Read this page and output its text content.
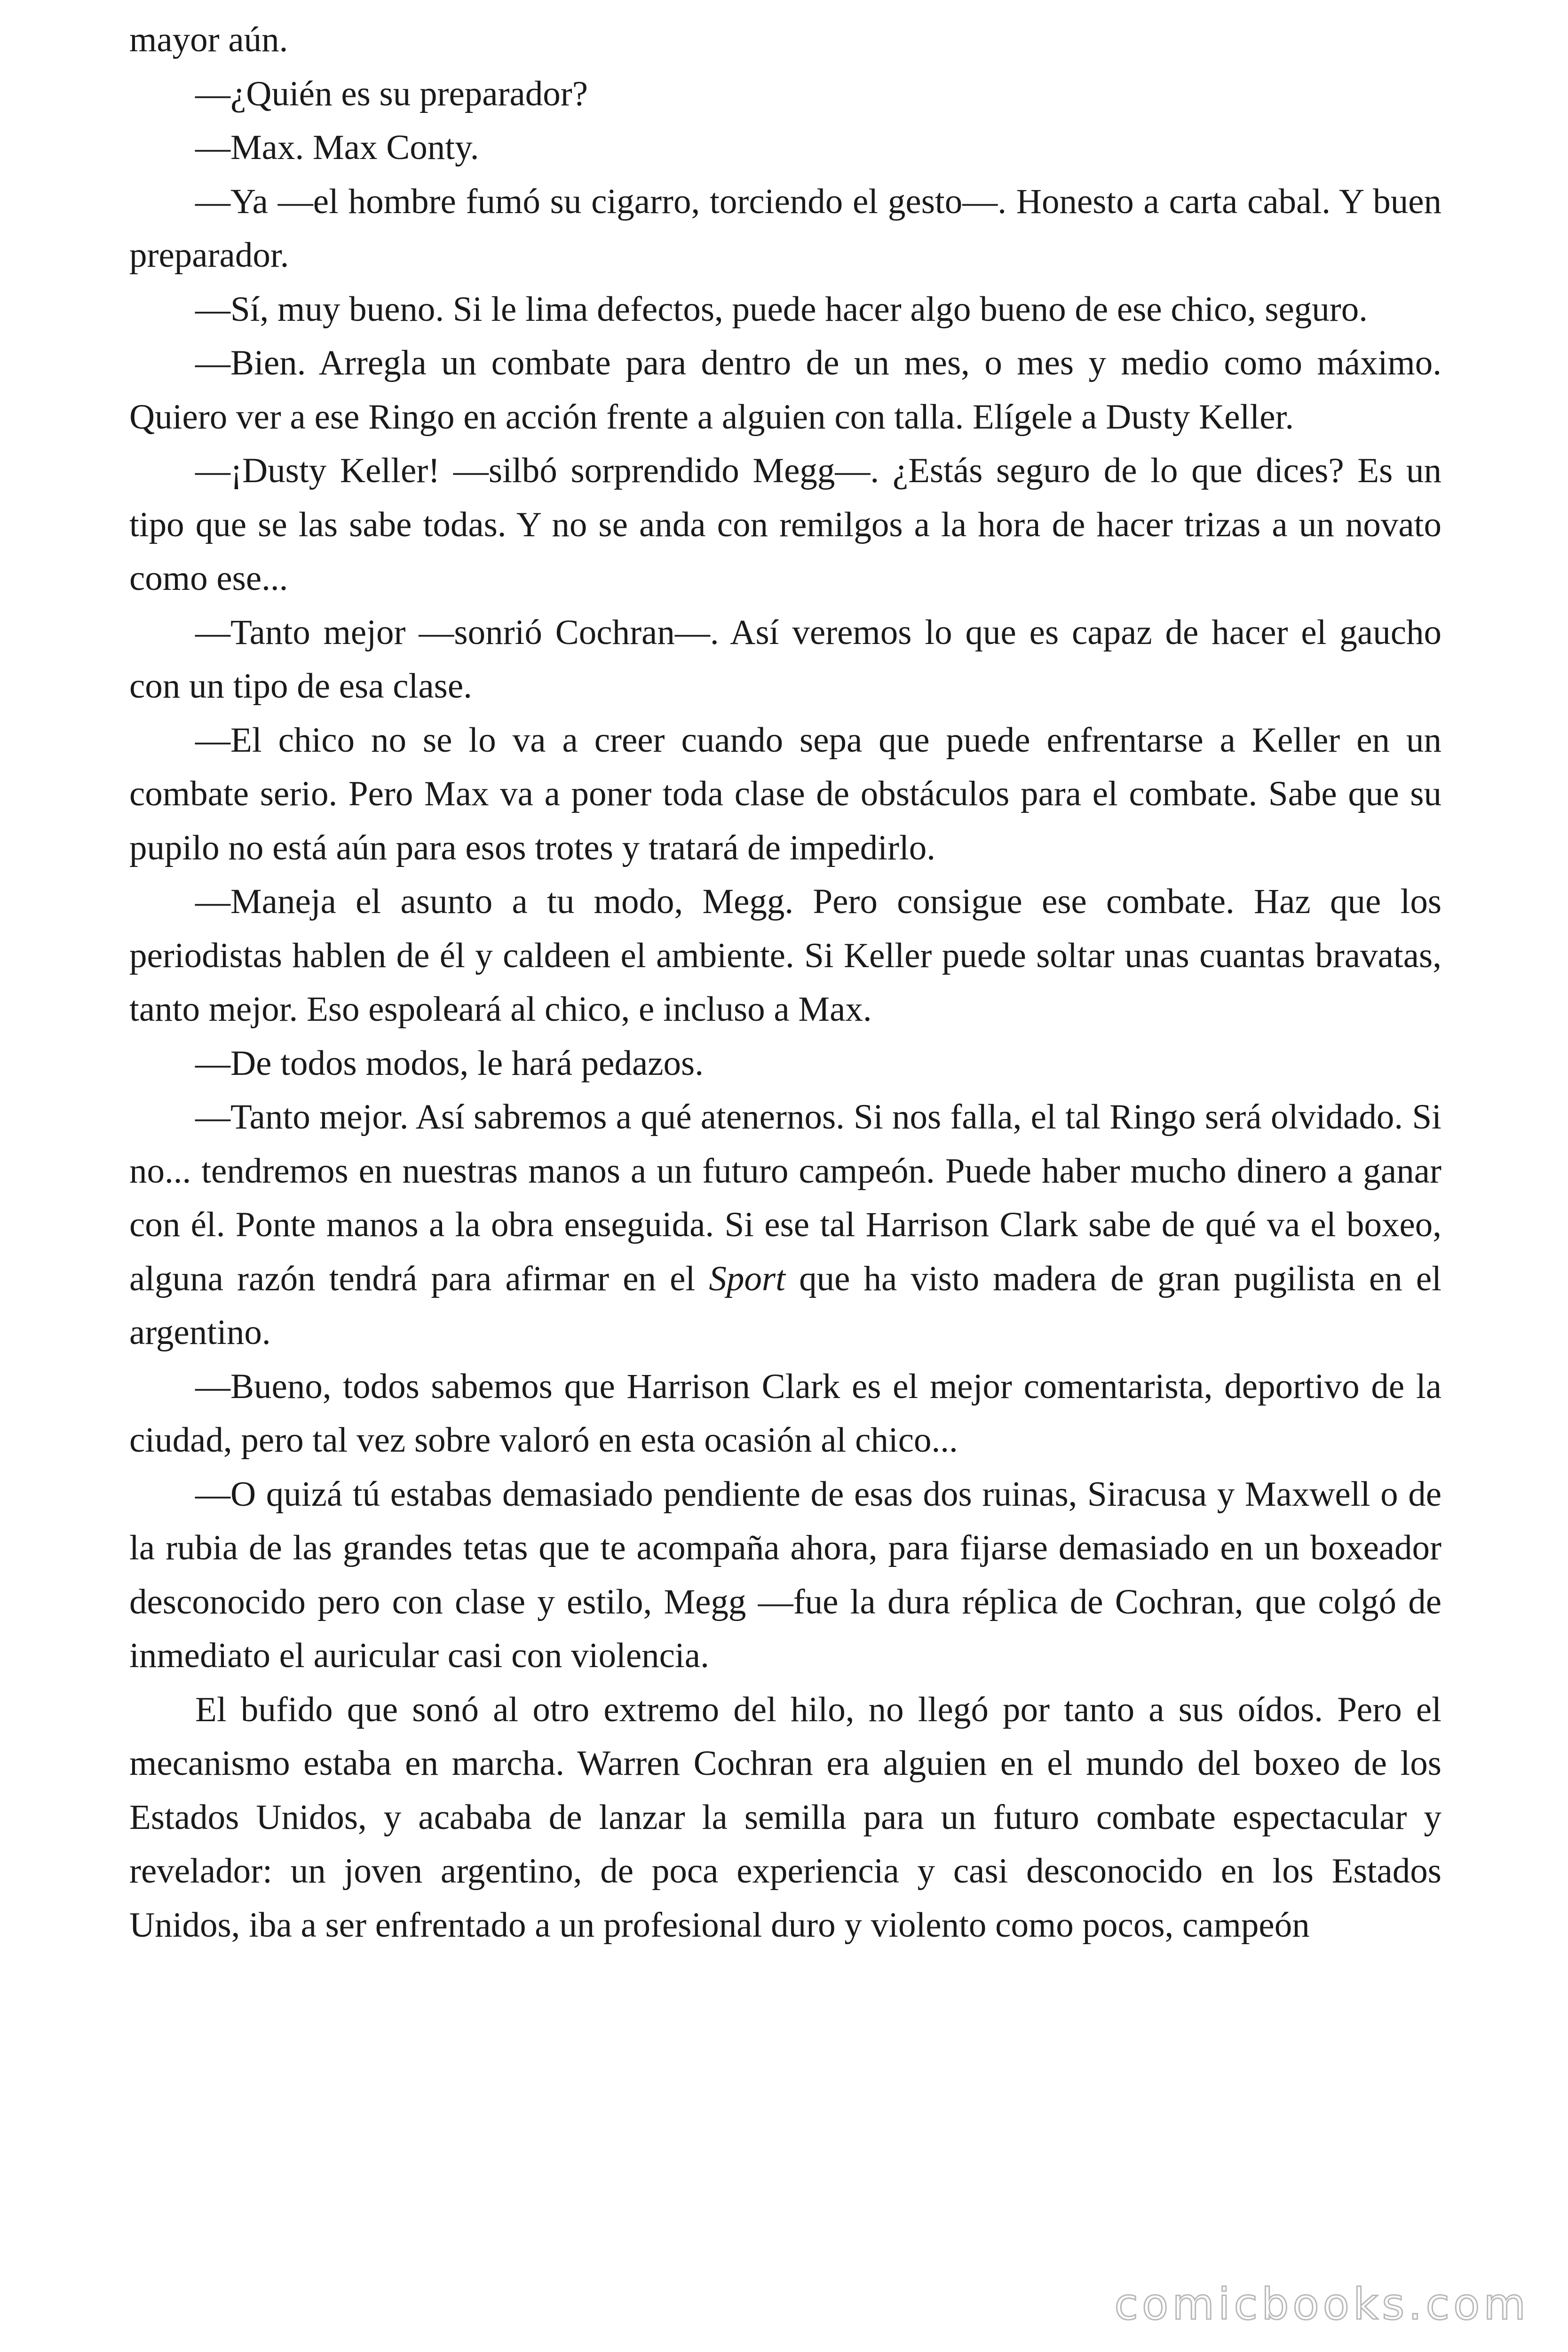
mayor aún.

—¿Quién es su preparador?

—Max. Max Conty.

—Ya —el hombre fumó su cigarro, torciendo el gesto—. Honesto a carta cabal. Y buen preparador.

—Sí, muy bueno. Si le lima defectos, puede hacer algo bueno de ese chico, seguro.

—Bien. Arregla un combate para dentro de un mes, o mes y medio como máximo. Quiero ver a ese Ringo en acción frente a alguien con talla. Elígele a Dusty Keller.

—¡Dusty Keller! —silbó sorprendido Megg—. ¿Estás seguro de lo que dices? Es un tipo que se las sabe todas. Y no se anda con remilgos a la hora de hacer trizas a un novato como ese...

—Tanto mejor —sonrió Cochran—. Así veremos lo que es capaz de hacer el gaucho con un tipo de esa clase.

—El chico no se lo va a creer cuando sepa que puede enfrentarse a Keller en un combate serio. Pero Max va a poner toda clase de obstáculos para el combate. Sabe que su pupilo no está aún para esos trotes y tratará de impedirlo.

—Maneja el asunto a tu modo, Megg. Pero consigue ese combate. Haz que los periodistas hablen de él y caldeen el ambiente. Si Keller puede soltar unas cuantas bravatas, tanto mejor. Eso espoleará al chico, e incluso a Max.

—De todos modos, le hará pedazos.

—Tanto mejor. Así sabremos a qué atenernos. Si nos falla, el tal Ringo será olvidado. Si no... tendremos en nuestras manos a un futuro campeón. Puede haber mucho dinero a ganar con él. Ponte manos a la obra enseguida. Si ese tal Harrison Clark sabe de qué va el boxeo, alguna razón tendrá para afirmar en el Sport que ha visto madera de gran pugilista en el argentino.

—Bueno, todos sabemos que Harrison Clark es el mejor comentarista, deportivo de la ciudad, pero tal vez sobre valoró en esta ocasión al chico...

—O quizá tú estabas demasiado pendiente de esas dos ruinas, Siracusa y Maxwell o de la rubia de las grandes tetas que te acompaña ahora, para fijarse demasiado en un boxeador desconocido pero con clase y estilo, Megg —fue la dura réplica de Cochran, que colgó de inmediato el auricular casi con violencia.

El bufido que sonó al otro extremo del hilo, no llegó por tanto a sus oídos. Pero el mecanismo estaba en marcha. Warren Cochran era alguien en el mundo del boxeo de los Estados Unidos, y acababa de lanzar la semilla para un futuro combate espectacular y revelador: un joven argentino, de poca experiencia y casi desconocido en los Estados Unidos, iba a ser enfrentado a un profesional duro y violento como pocos, campeón

comicbooks.com
